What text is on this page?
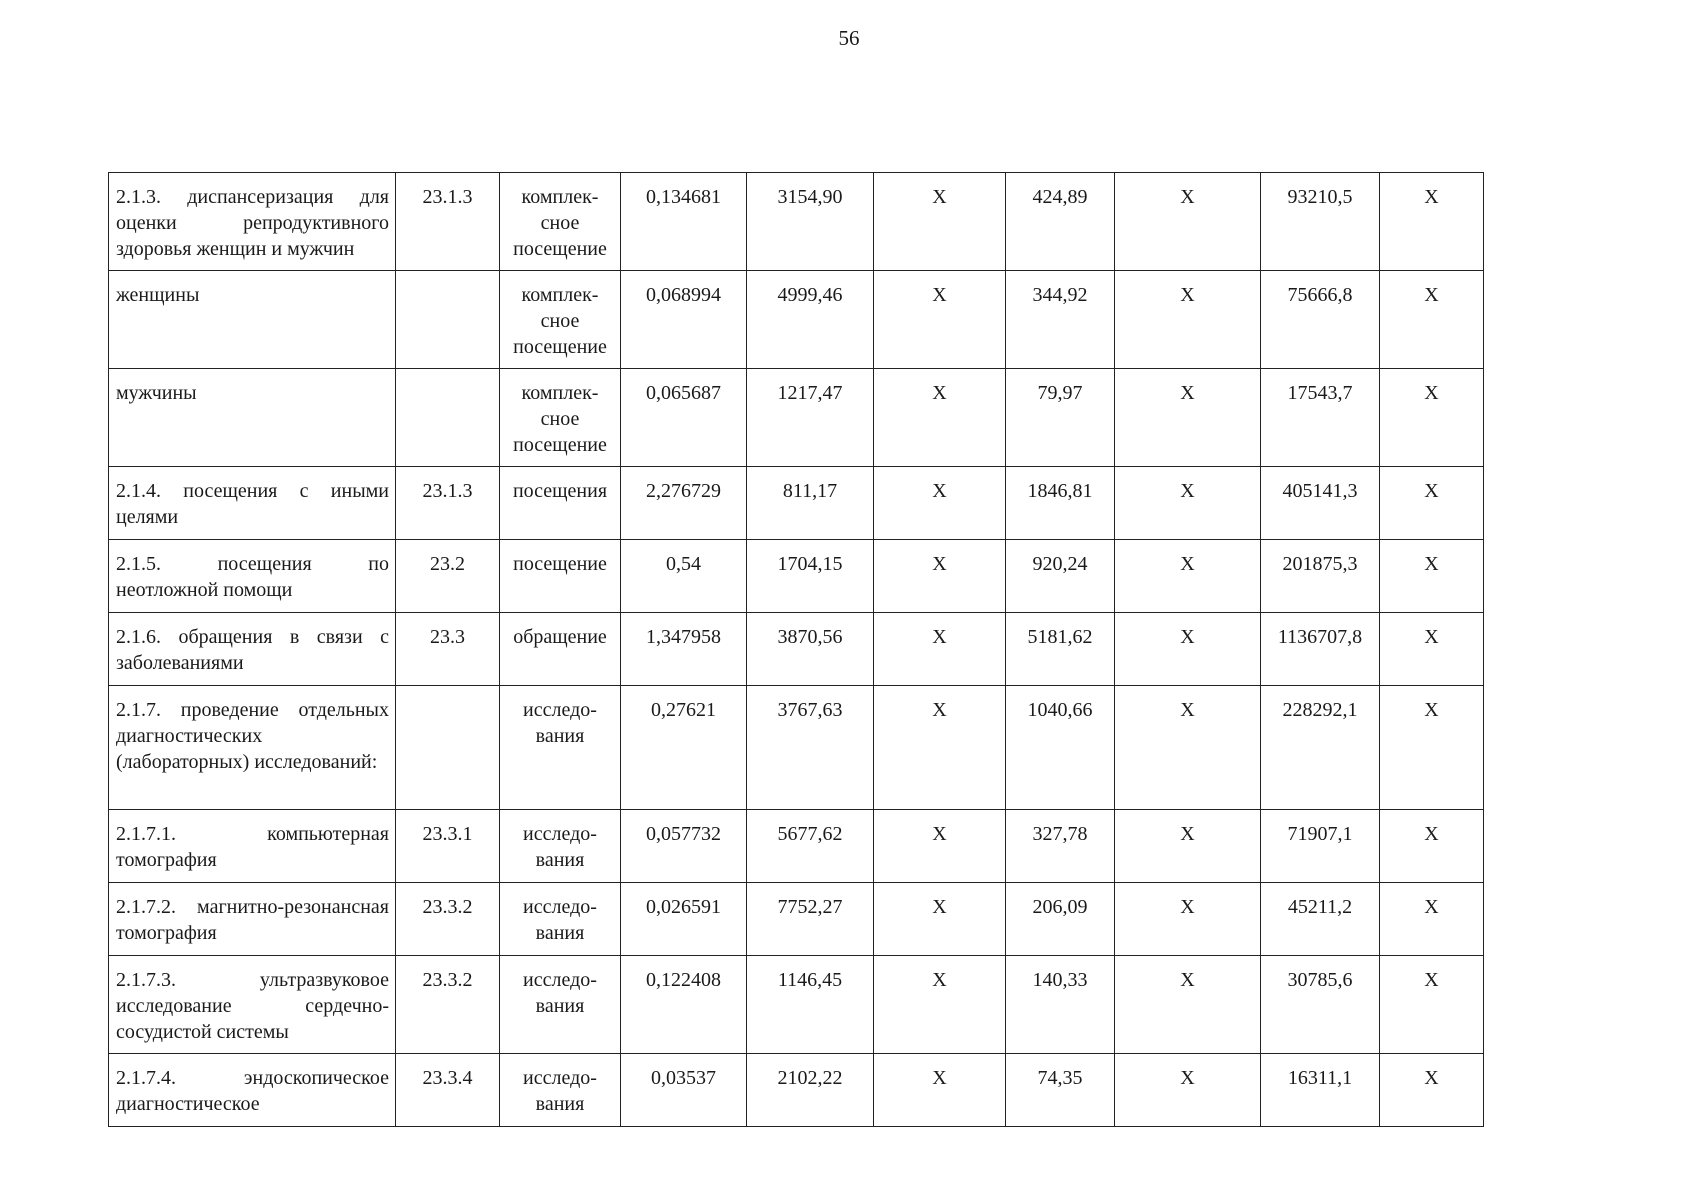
56
2.1.3. диспансеризация для оценки репродуктивного здоровья женщин и мужчин	23.1.3	комплек-
сное
посещение	0,134681	3154,90	X	424,89	X	93210,5	X
женщины		комплек-
сное
посещение	0,068994	4999,46	X	344,92	X	75666,8	X
мужчины		комплек-
сное
посещение	0,065687	1217,47	X	79,97	X	17543,7	X
2.1.4. посещения с иными целями	23.1.3	посещения	2,276729	811,17	X	1846,81	X	405141,3	X
2.1.5. посещения по неотложной помощи	23.2	посещение	0,54	1704,15	X	920,24	X	201875,3	X
2.1.6. обращения в связи с заболеваниями	23.3	обращение	1,347958	3870,56	X	5181,62	X	1136707,8	X
2.1.7. проведение отдельных диагностических (лабораторных) исследований:		исследо-
вания	0,27621	3767,63	X	1040,66	X	228292,1	X
2.1.7.1. компьютерная томография	23.3.1	исследо-
вания	0,057732	5677,62	X	327,78	X	71907,1	X
2.1.7.2. магнитно-резонансная томография	23.3.2	исследо-
вания	0,026591	7752,27	X	206,09	X	45211,2	X
2.1.7.3. ультразвуковое исследование сердечно-сосудистой системы	23.3.2	исследо-
вания	0,122408	1146,45	X	140,33	X	30785,6	X
2.1.7.4. эндоскопическое диагностическое	23.3.4	исследо-
вания	0,03537	2102,22	X	74,35	X	16311,1	X
